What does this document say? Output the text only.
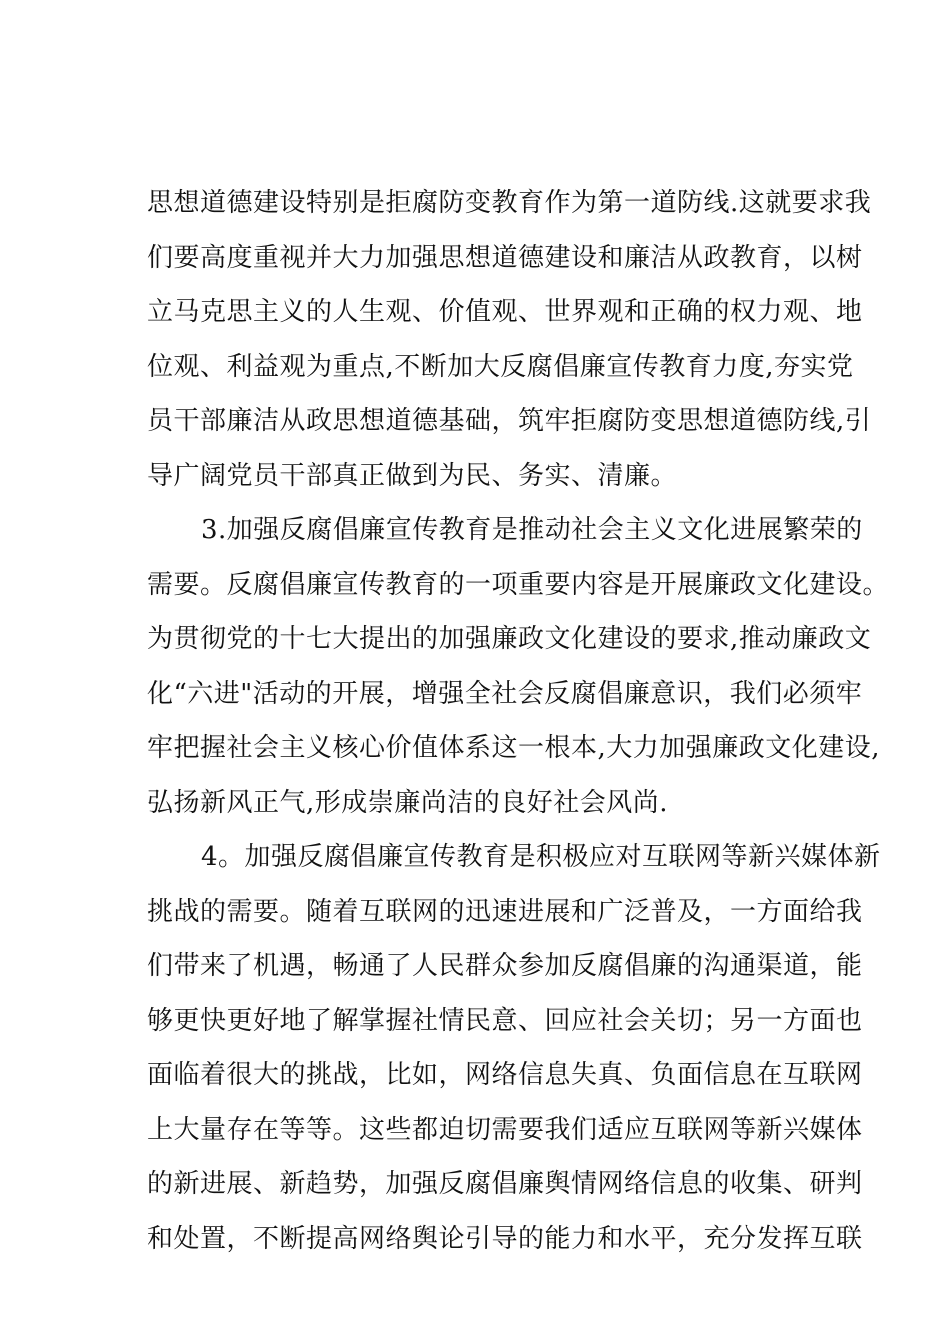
思想道德建设特别是拒腐防变教育作为第一道防线.这就要求我
们要高度重视并大力加强思想道德建设和廉洁从政教育，以树
立马克思主义的人生观、价值观、世界观和正确的权力观、地
位观、利益观为重点,不断加大反腐倡廉宣传教育力度,夯实党
员干部廉洁从政思想道德基础，筑牢拒腐防变思想道德防线,引
导广阔党员干部真正做到为民、务实、清廉。
3.加强反腐倡廉宣传教育是推动社会主义文化进展繁荣的
需要。反腐倡廉宣传教育的一项重要内容是开展廉政文化建设。
为贯彻党的十七大提出的加强廉政文化建设的要求,推动廉政文
化“六进"活动的开展，增强全社会反腐倡廉意识，我们必须牢
牢把握社会主义核心价值体系这一根本,大力加强廉政文化建设,
弘扬新风正气,形成崇廉尚洁的良好社会风尚.
4。加强反腐倡廉宣传教育是积极应对互联网等新兴媒体新
挑战的需要。随着互联网的迅速进展和广泛普及，一方面给我
们带来了机遇，畅通了人民群众参加反腐倡廉的沟通渠道，能
够更快更好地了解掌握社情民意、回应社会关切；另一方面也
面临着很大的挑战，比如，网络信息失真、负面信息在互联网
上大量存在等等。这些都迫切需要我们适应互联网等新兴媒体
的新进展、新趋势，加强反腐倡廉舆情网络信息的收集、研判
和处置，不断提高网络舆论引导的能力和水平，充分发挥互联
